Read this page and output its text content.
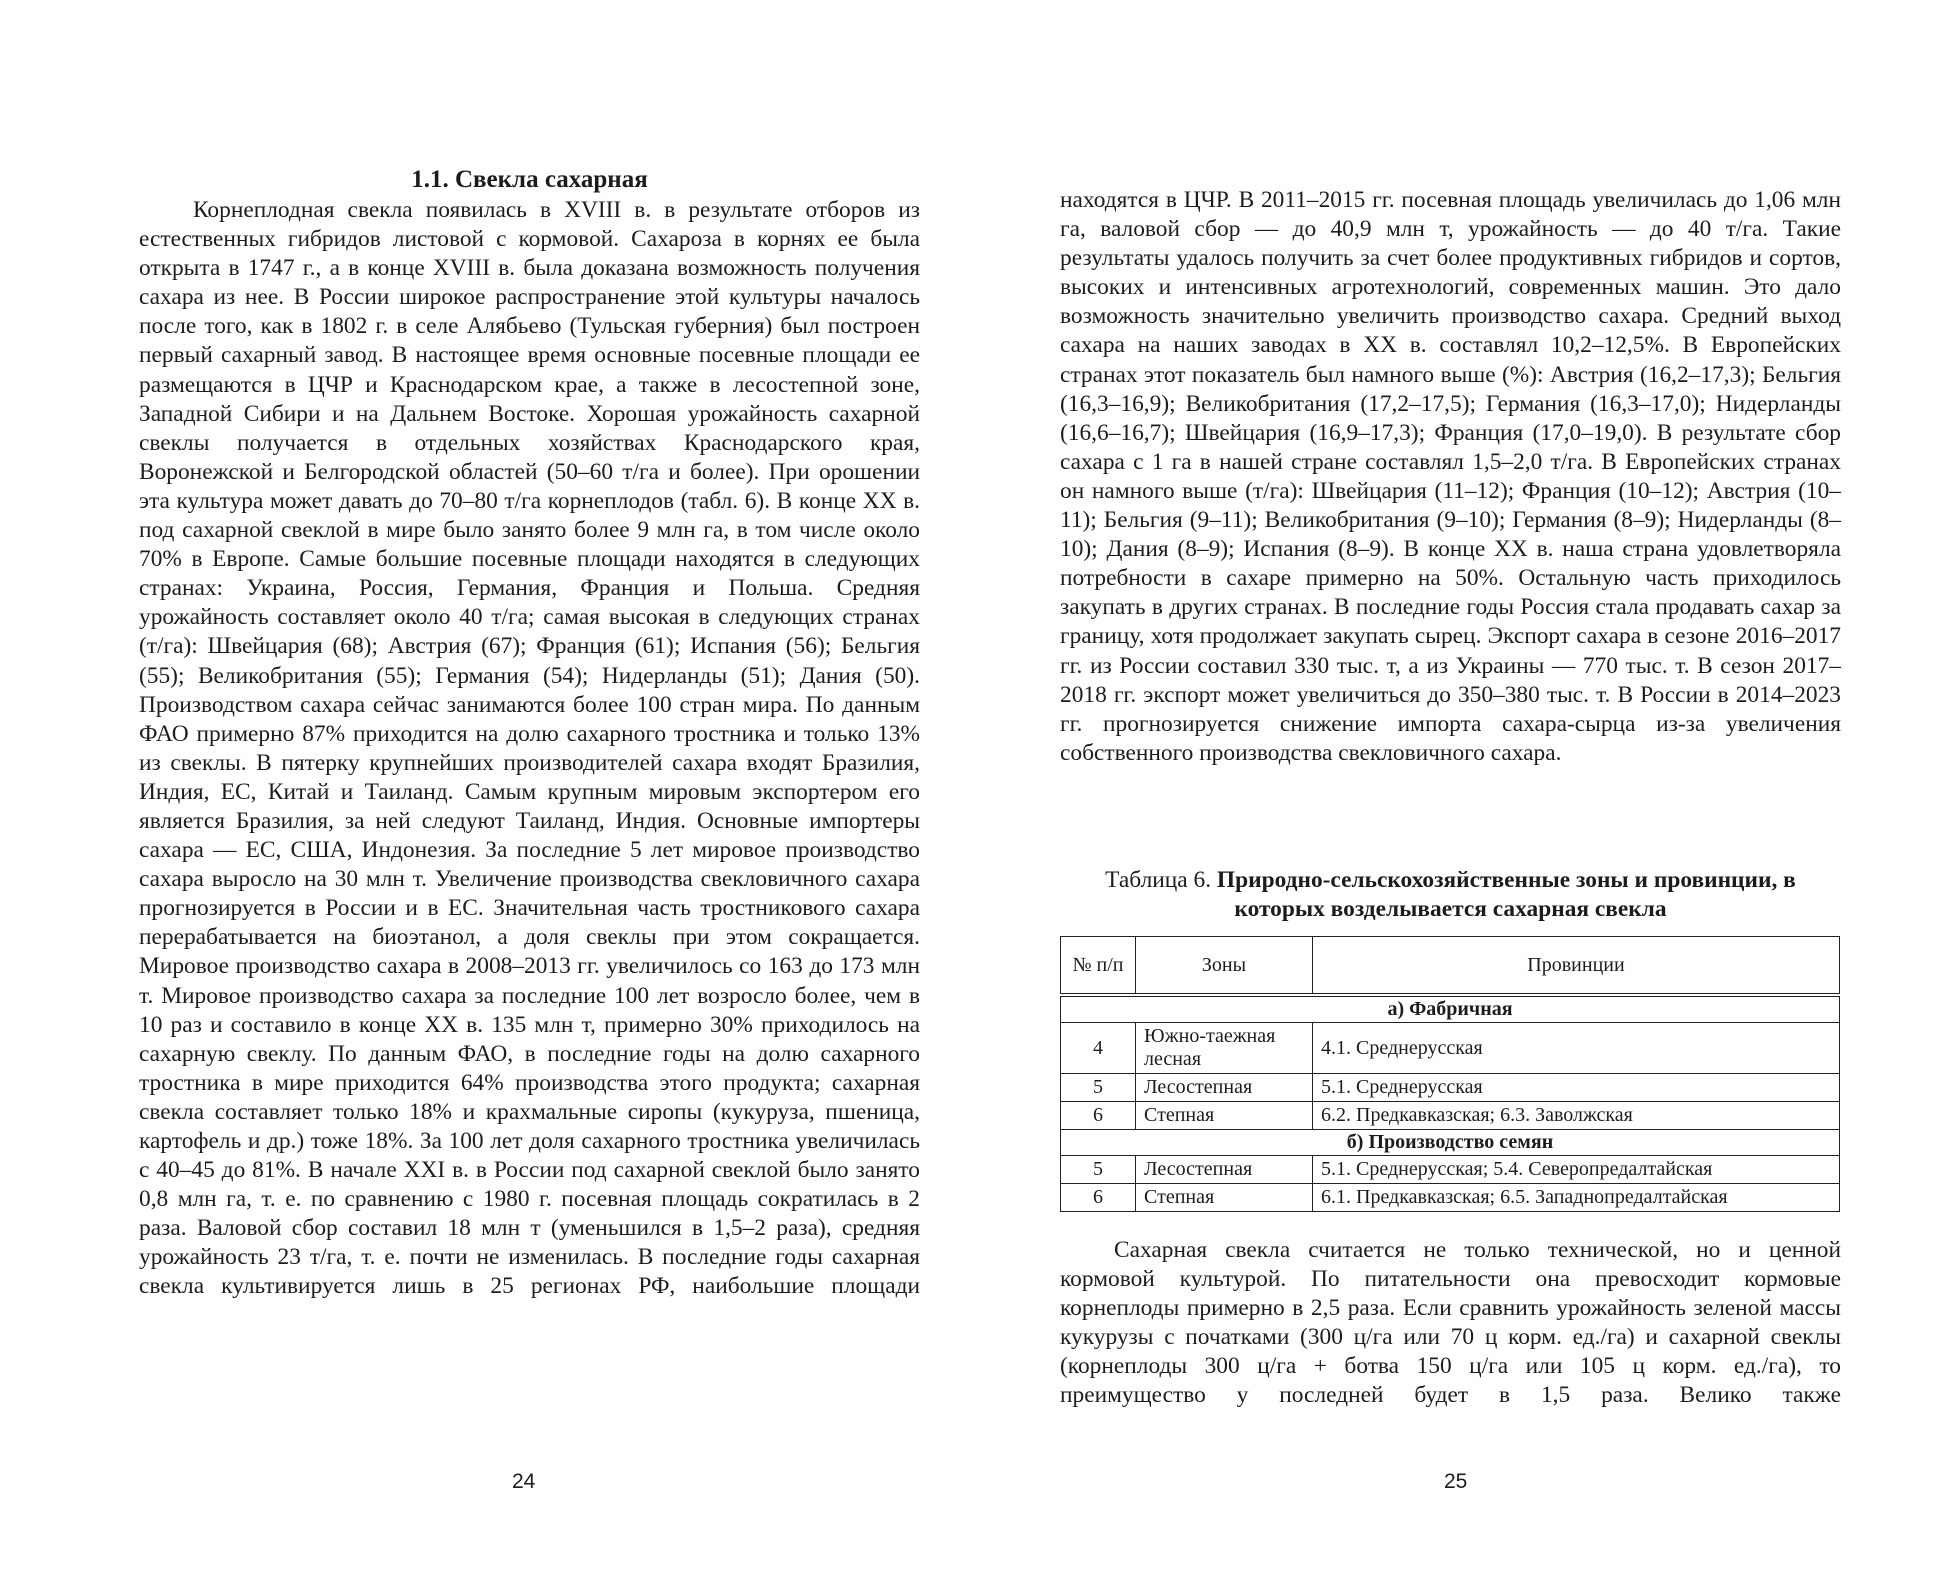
1.1. Свекла сахарная

Корнеплодная свекла появилась в XVIII в. в результате отборов из естественных гибридов листовой с кормовой. Сахароза в корнях ее была открыта в 1747 г., а в конце XVIII в. была доказана возможность получения сахара из нее. В России широкое распространение этой культуры началось после того, как в 1802 г. в селе Алябьево (Тульская губерния) был построен первый сахарный завод. В настоящее время основные посевные площади ее размещаются в ЦЧР и Краснодарском крае, а также в лесостепной зоне, Западной Сибири и на Дальнем Востоке. Хорошая урожайность сахарной свеклы получается в отдельных хозяйствах Краснодарского края, Воронежской и Белгородской областей (50–60 т/га и более). При орошении эта культура может давать до 70–80 т/га корнеплодов (табл. 6). В конце XX в. под сахарной свеклой в мире было занято более 9 млн га, в том числе около 70% в Европе. Самые большие посевные площади находятся в следующих странах: Украина, Россия, Германия, Франция и Польша. Средняя урожайность составляет около 40 т/га; самая высокая в следующих странах (т/га): Швейцария (68); Австрия (67); Франция (61); Испания (56); Бельгия (55); Великобритания (55); Германия (54); Нидерланды (51); Дания (50). Производством сахара сейчас занимаются более 100 стран мира. По данным ФАО примерно 87% приходится на долю сахарного тростника и только 13% из свеклы. В пятерку крупнейших производителей сахара входят Бразилия, Индия, ЕС, Китай и Таиланд. Самым крупным мировым экспортером его является Бразилия, за ней следуют Таиланд, Индия. Основные импортеры сахара — ЕС, США, Индонезия. За последние 5 лет мировое производство сахара выросло на 30 млн т. Увеличение производства свекловичного сахара прогнозируется в России и в ЕС. Значительная часть тростникового сахара перерабатывается на биоэтанол, а доля свеклы при этом сокращается. Мировое производство сахара в 2008–2013 гг. увеличилось со 163 до 173 млн т. Мировое производство сахара за последние 100 лет возросло более, чем в 10 раз и составило в конце XX в. 135 млн т, примерно 30% приходилось на сахарную свеклу. По данным ФАО, в последние годы на долю сахарного тростника в мире приходится 64% производства этого продукта; сахарная свекла составляет только 18% и крахмальные сиропы (кукуруза, пшеница, картофель и др.) тоже 18%. За 100 лет доля сахарного тростника увеличилась с 40–45 до 81%. В начале XXI в. в России под сахарной свеклой было занято 0,8 млн га, т. е. по сравнению с 1980 г. посевная площадь сократилась в 2 раза. Валовой сбор составил 18 млн т (уменьшился в 1,5–2 раза), средняя урожайность 23 т/га, т. е. почти не изменилась. В последние годы сахарная свекла культивируется лишь в 25 регионах РФ, наибольшие площади

24

находятся в ЦЧР. В 2011–2015 гг. посевная площадь увеличилась до 1,06 млн га, валовой сбор — до 40,9 млн т, урожайность — до 40 т/га. Такие результаты удалось получить за счет более продуктивных гибридов и сортов, высоких и интенсивных агротехнологий, современных машин. Это дало возможность значительно увеличить производство сахара. Средний выход сахара на наших заводах в XX в. составлял 10,2–12,5%. В Европейских странах этот показатель был намного выше (%): Австрия (16,2–17,3); Бельгия (16,3–16,9); Великобритания (17,2–17,5); Германия (16,3–17,0); Нидерланды (16,6–16,7); Швейцария (16,9–17,3); Франция (17,0–19,0). В результате сбор сахара с 1 га в нашей стране составлял 1,5–2,0 т/га. В Европейских странах он намного выше (т/га): Швейцария (11–12); Франция (10–12); Австрия (10–11); Бельгия (9–11); Великобритания (9–10); Германия (8–9); Нидерланды (8–10); Дания (8–9); Испания (8–9). В конце XX в. наша страна удовлетворяла потребности в сахаре примерно на 50%. Остальную часть приходилось закупать в других странах. В последние годы Россия стала продавать сахар за границу, хотя продолжает закупать сырец. Экспорт сахара в сезоне 2016–2017 гг. из России составил 330 тыс. т, а из Украины — 770 тыс. т. В сезон 2017–2018 гг. экспорт может увеличиться до 350–380 тыс. т. В России в 2014–2023 гг. прогнозируется снижение импорта сахара-сырца из-за увеличения собственного производства свекловичного сахара.

Таблица 6. Природно-сельскохозяйственные зоны и провинции, в которых возделывается сахарная свекла
№ п/п	Зоны	Провинции
а) Фабричная		
4	Южно-таежная лесная	4.1. Среднерусская
5	Лесостепная	5.1. Среднерусская
6	Степная	6.2. Предкавказская; 6.3. Заволжская
б) Производство семян		
5	Лесостепная	5.1. Среднерусская; 5.4. Северопредалтайская
6	Степная	6.1. Предкавказская; 6.5. Западнопредалтайская

Сахарная свекла считается не только технической, но и ценной кормовой культурой. По питательности она превосходит кормовые корнеплоды примерно в 2,5 раза. Если сравнить урожайность зеленой массы кукурузы с початками (300 ц/га или 70 ц корм. ед./га) и сахарной свеклы (корнеплоды 300 ц/га + ботва 150 ц/га или 105 ц корм. ед./га), то преимущество у последней будет в 1,5 раза. Велико также

25
